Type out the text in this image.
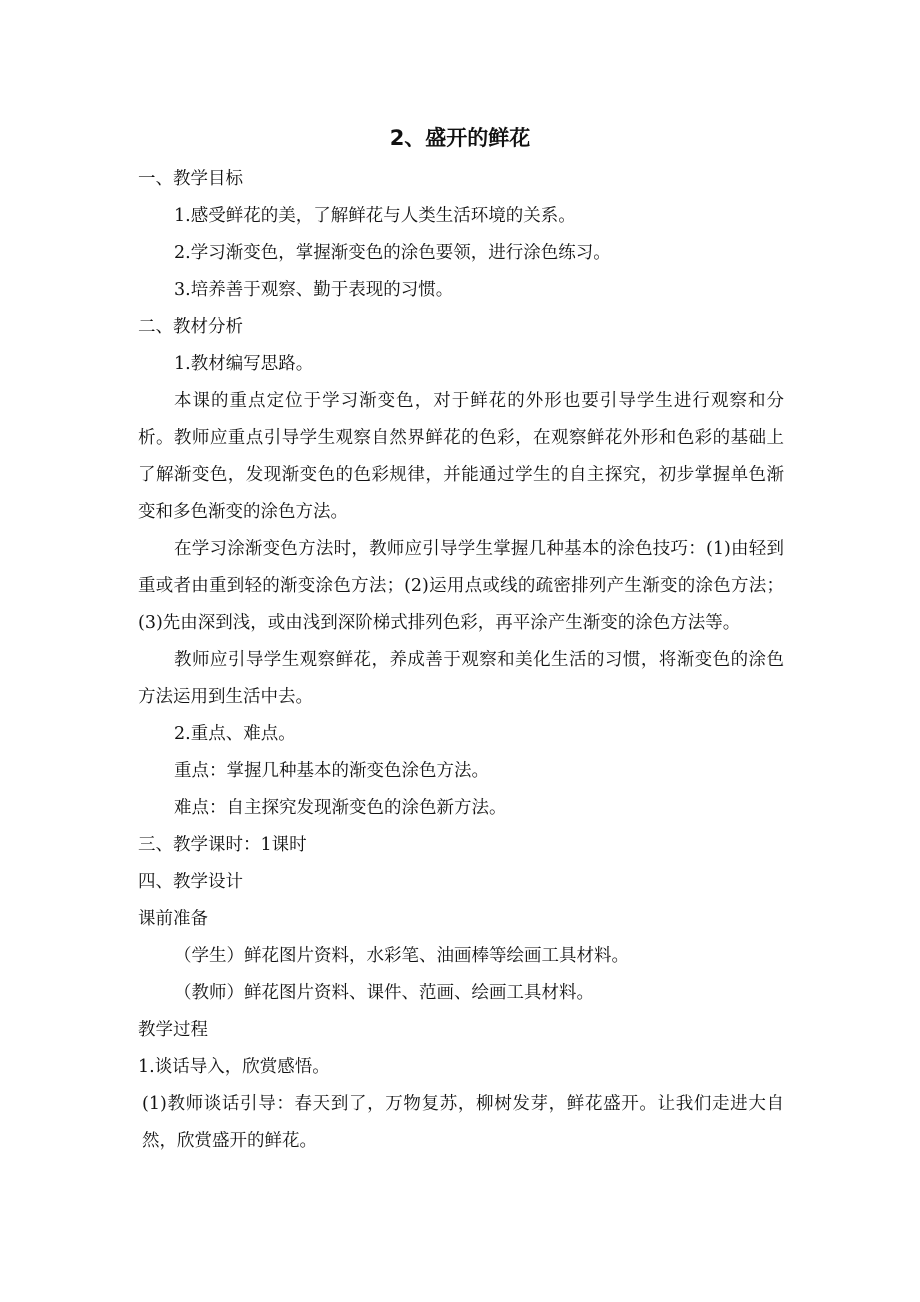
2、盛开的鲜花

一、教学目标

1.感受鲜花的美，了解鲜花与人类生活环境的关系。

2.学习渐变色，掌握渐变色的涂色要领，进行涂色练习。

3.培养善于观察、勤于表现的习惯。

二、教材分析

1.教材编写思路。

本课的重点定位于学习渐变色，对于鲜花的外形也要引导学生进行观察和分析。教师应重点引导学生观察自然界鲜花的色彩，在观察鲜花外形和色彩的基础上了解渐变色，发现渐变色的色彩规律，并能通过学生的自主探究，初步掌握单色渐变和多色渐变的涂色方法。

在学习涂渐变色方法时，教师应引导学生掌握几种基本的涂色技巧：(1)由轻到重或者由重到轻的渐变涂色方法；(2)运用点或线的疏密排列产生渐变的涂色方法；(3)先由深到浅，或由浅到深阶梯式排列色彩，再平涂产生渐变的涂色方法等。

教师应引导学生观察鲜花，养成善于观察和美化生活的习惯，将渐变色的涂色方法运用到生活中去。

2.重点、难点。

重点：掌握几种基本的渐变色涂色方法。

难点：自主探究发现渐变色的涂色新方法。

三、教学课时：1课时

四、教学设计

课前准备

（学生）鲜花图片资料，水彩笔、油画棒等绘画工具材料。

（教师）鲜花图片资料、课件、范画、绘画工具材料。

教学过程

1.谈话导入，欣赏感悟。

(1)教师谈话引导：春天到了，万物复苏，柳树发芽，鲜花盛开。让我们走进大自然，欣赏盛开的鲜花。
